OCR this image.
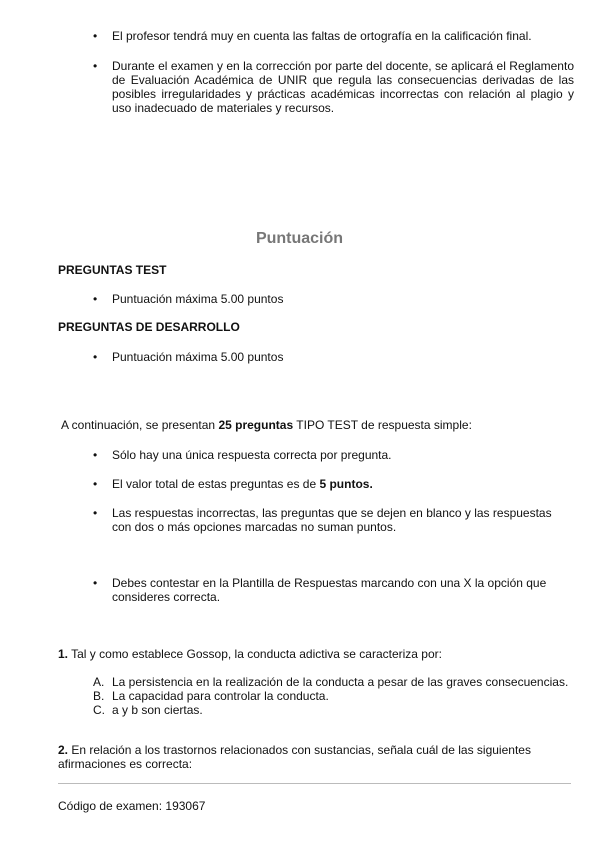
•	El profesor tendrá muy en cuenta las faltas de ortografía en la calificación final.
•	Durante el examen y en la corrección por parte del docente, se aplicará el Reglamento de Evaluación Académica de UNIR que regula las consecuencias derivadas de las posibles irregularidades y prácticas académicas incorrectas con relación al plagio y uso inadecuado de materiales y recursos.
Puntuación
PREGUNTAS TEST
•	Puntuación máxima 5.00 puntos
PREGUNTAS DE DESARROLLO
•	Puntuación máxima 5.00 puntos
A continuación, se presentan 25 preguntas TIPO TEST de respuesta simple:
•	Sólo hay una única respuesta correcta por pregunta.
•	El valor total de estas preguntas es de 5 puntos.
•	Las respuestas incorrectas, las preguntas que se dejen en blanco y las respuestas con dos o más opciones marcadas no suman puntos.
•	Debes contestar en la Plantilla de Respuestas marcando con una X la opción que consideres correcta.
1. Tal y como establece Gossop, la conducta adictiva se caracteriza por:
A. La persistencia en la realización de la conducta a pesar de las graves consecuencias.
B. La capacidad para controlar la conducta.
C. a y b son ciertas.
2. En relación a los trastornos relacionados con sustancias, señala cuál de las siguientes afirmaciones es correcta:
Código de examen: 193067
